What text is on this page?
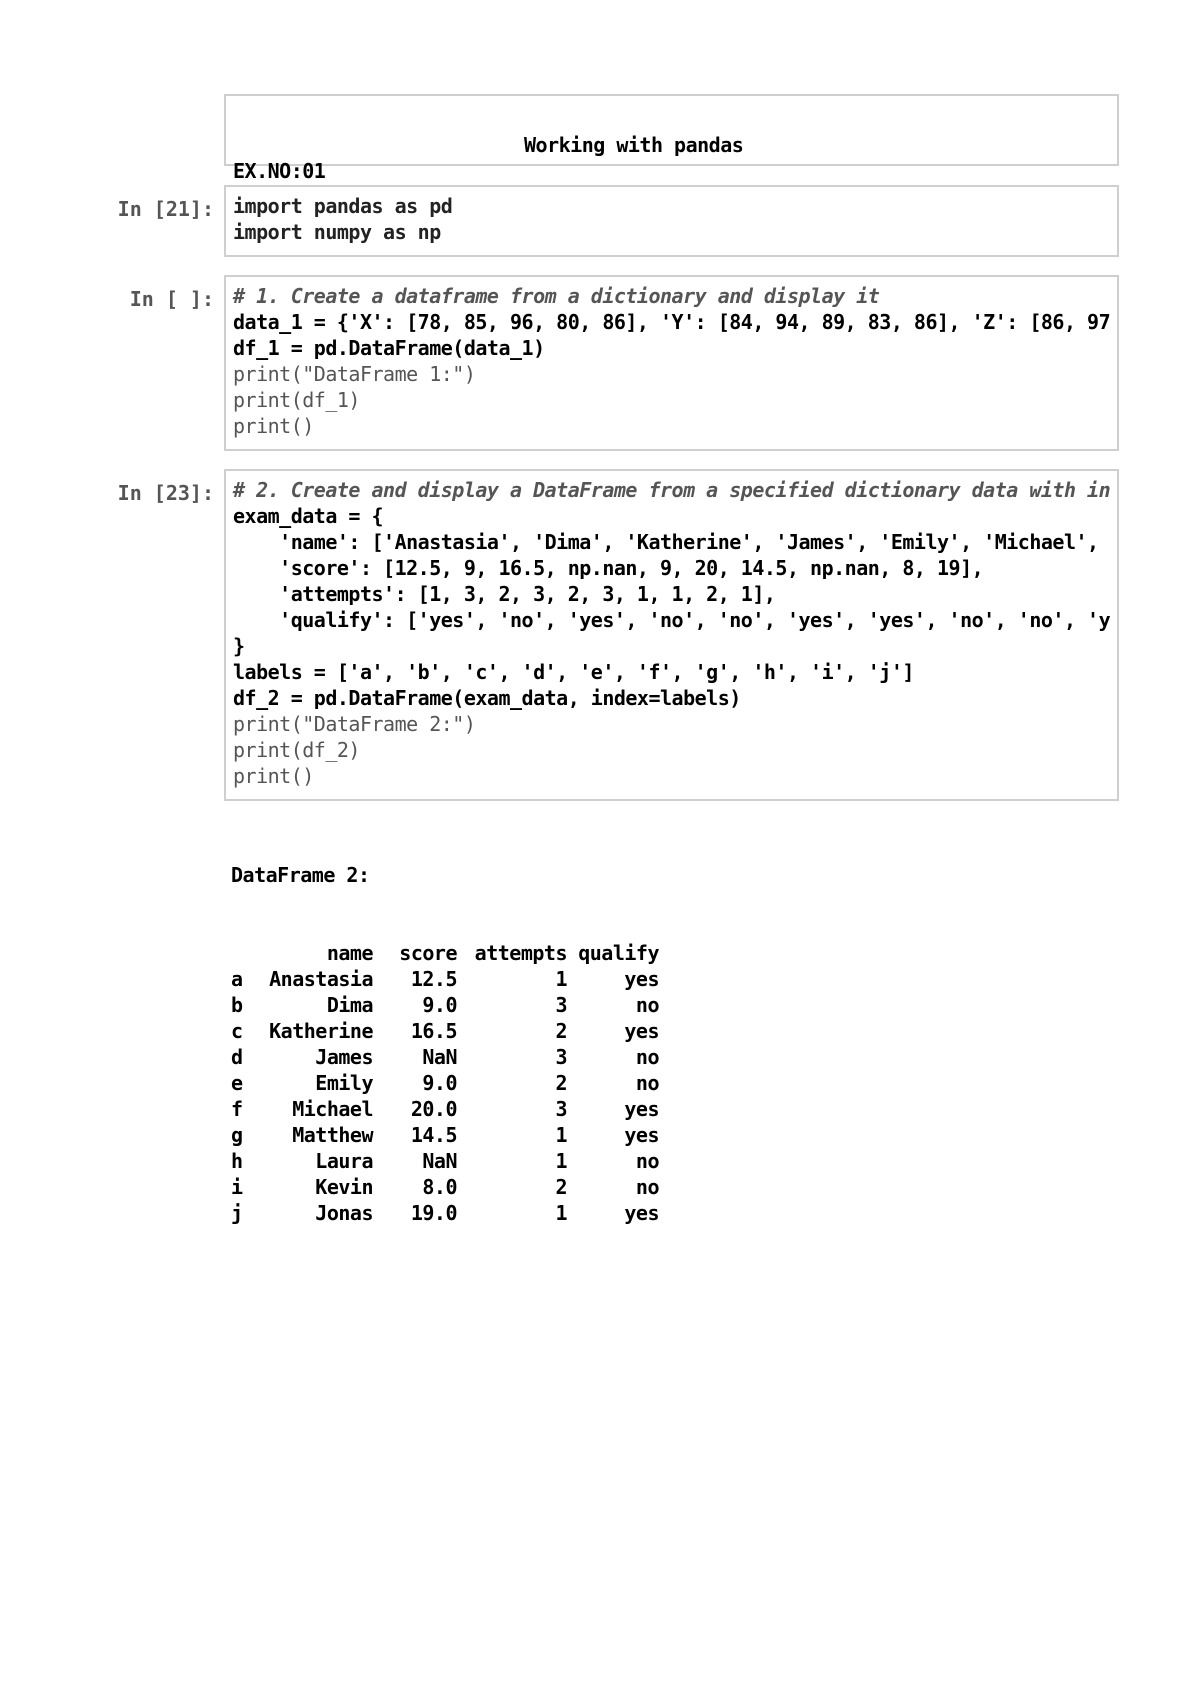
EX.NO:01

Working with pandas

In [21]: import pandas as pd
import numpy as np
In [ ]: # 1. Create a dataframe from a dictionary and display it
data_1 = {'X': [78, 85, 96, 80, 86], 'Y': [84, 94, 89, 83, 86], 'Z': [86, 97
df_1 = pd.DataFrame(data_1)
print("DataFrame 1:")
print(df_1)
print()
In [23]: # 2. Create and display a DataFrame from a specified dictionary data with in
exam_data = {
'name': ['Anastasia', 'Dima', 'Katherine', 'James', 'Emily', 'Michael',
'score': [12.5, 9, 16.5, np.nan, 9, 20, 14.5, np.nan, 8, 19],
'attempts': [1, 3, 2, 3, 2, 3, 1, 1, 2, 1],
'qualify': ['yes', 'no', 'yes', 'no', 'no', 'yes', 'yes', 'no', 'no', 'y
}
labels = ['a', 'b', 'c', 'd', 'e', 'f', 'g', 'h', 'i', 'j']
df_2 = pd.DataFrame(exam_data, index=labels)
print("DataFrame 2:")
print(df_2)
print()

DataFrame 2:

	name	score	attempts	qualify
a	Anastasia	12.5	1	yes
b	Dima	9.0	3	no
c	Katherine	16.5	2	yes
d	James	NaN	3	no
e	Emily	9.0	2	no
f	Michael	20.0	3	yes
g	Matthew	14.5	1	yes
h	Laura	NaN	1	no
i	Kevin	8.0	2	no
j	Jonas	19.0	1	yes
